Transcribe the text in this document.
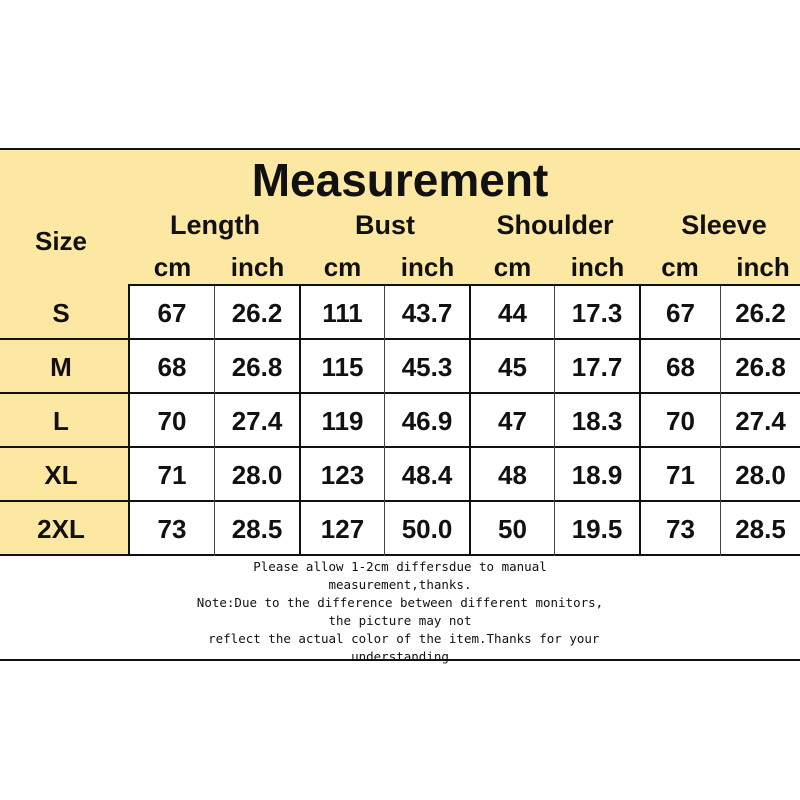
Measurement
Size
Length	Bust	Shoulder	Sleeve
cm	inch	cm	inch	cm	inch	cm	inch
S	67	26.2	111	43.7	44	17.3	67	26.2
M	68	26.8	115	45.3	45	17.7	68	26.8
L	70	27.4	119	46.9	47	18.3	70	27.4
XL	71	28.0	123	48.4	48	18.9	71	28.0
2XL	73	28.5	127	50.0	50	19.5	73	28.5
Please allow 1-2cm differsdue to manual
measurement,thanks.
Note:Due to the difference between different monitors,
the picture may not
reflect the actual color of the item.Thanks for your
understanding
